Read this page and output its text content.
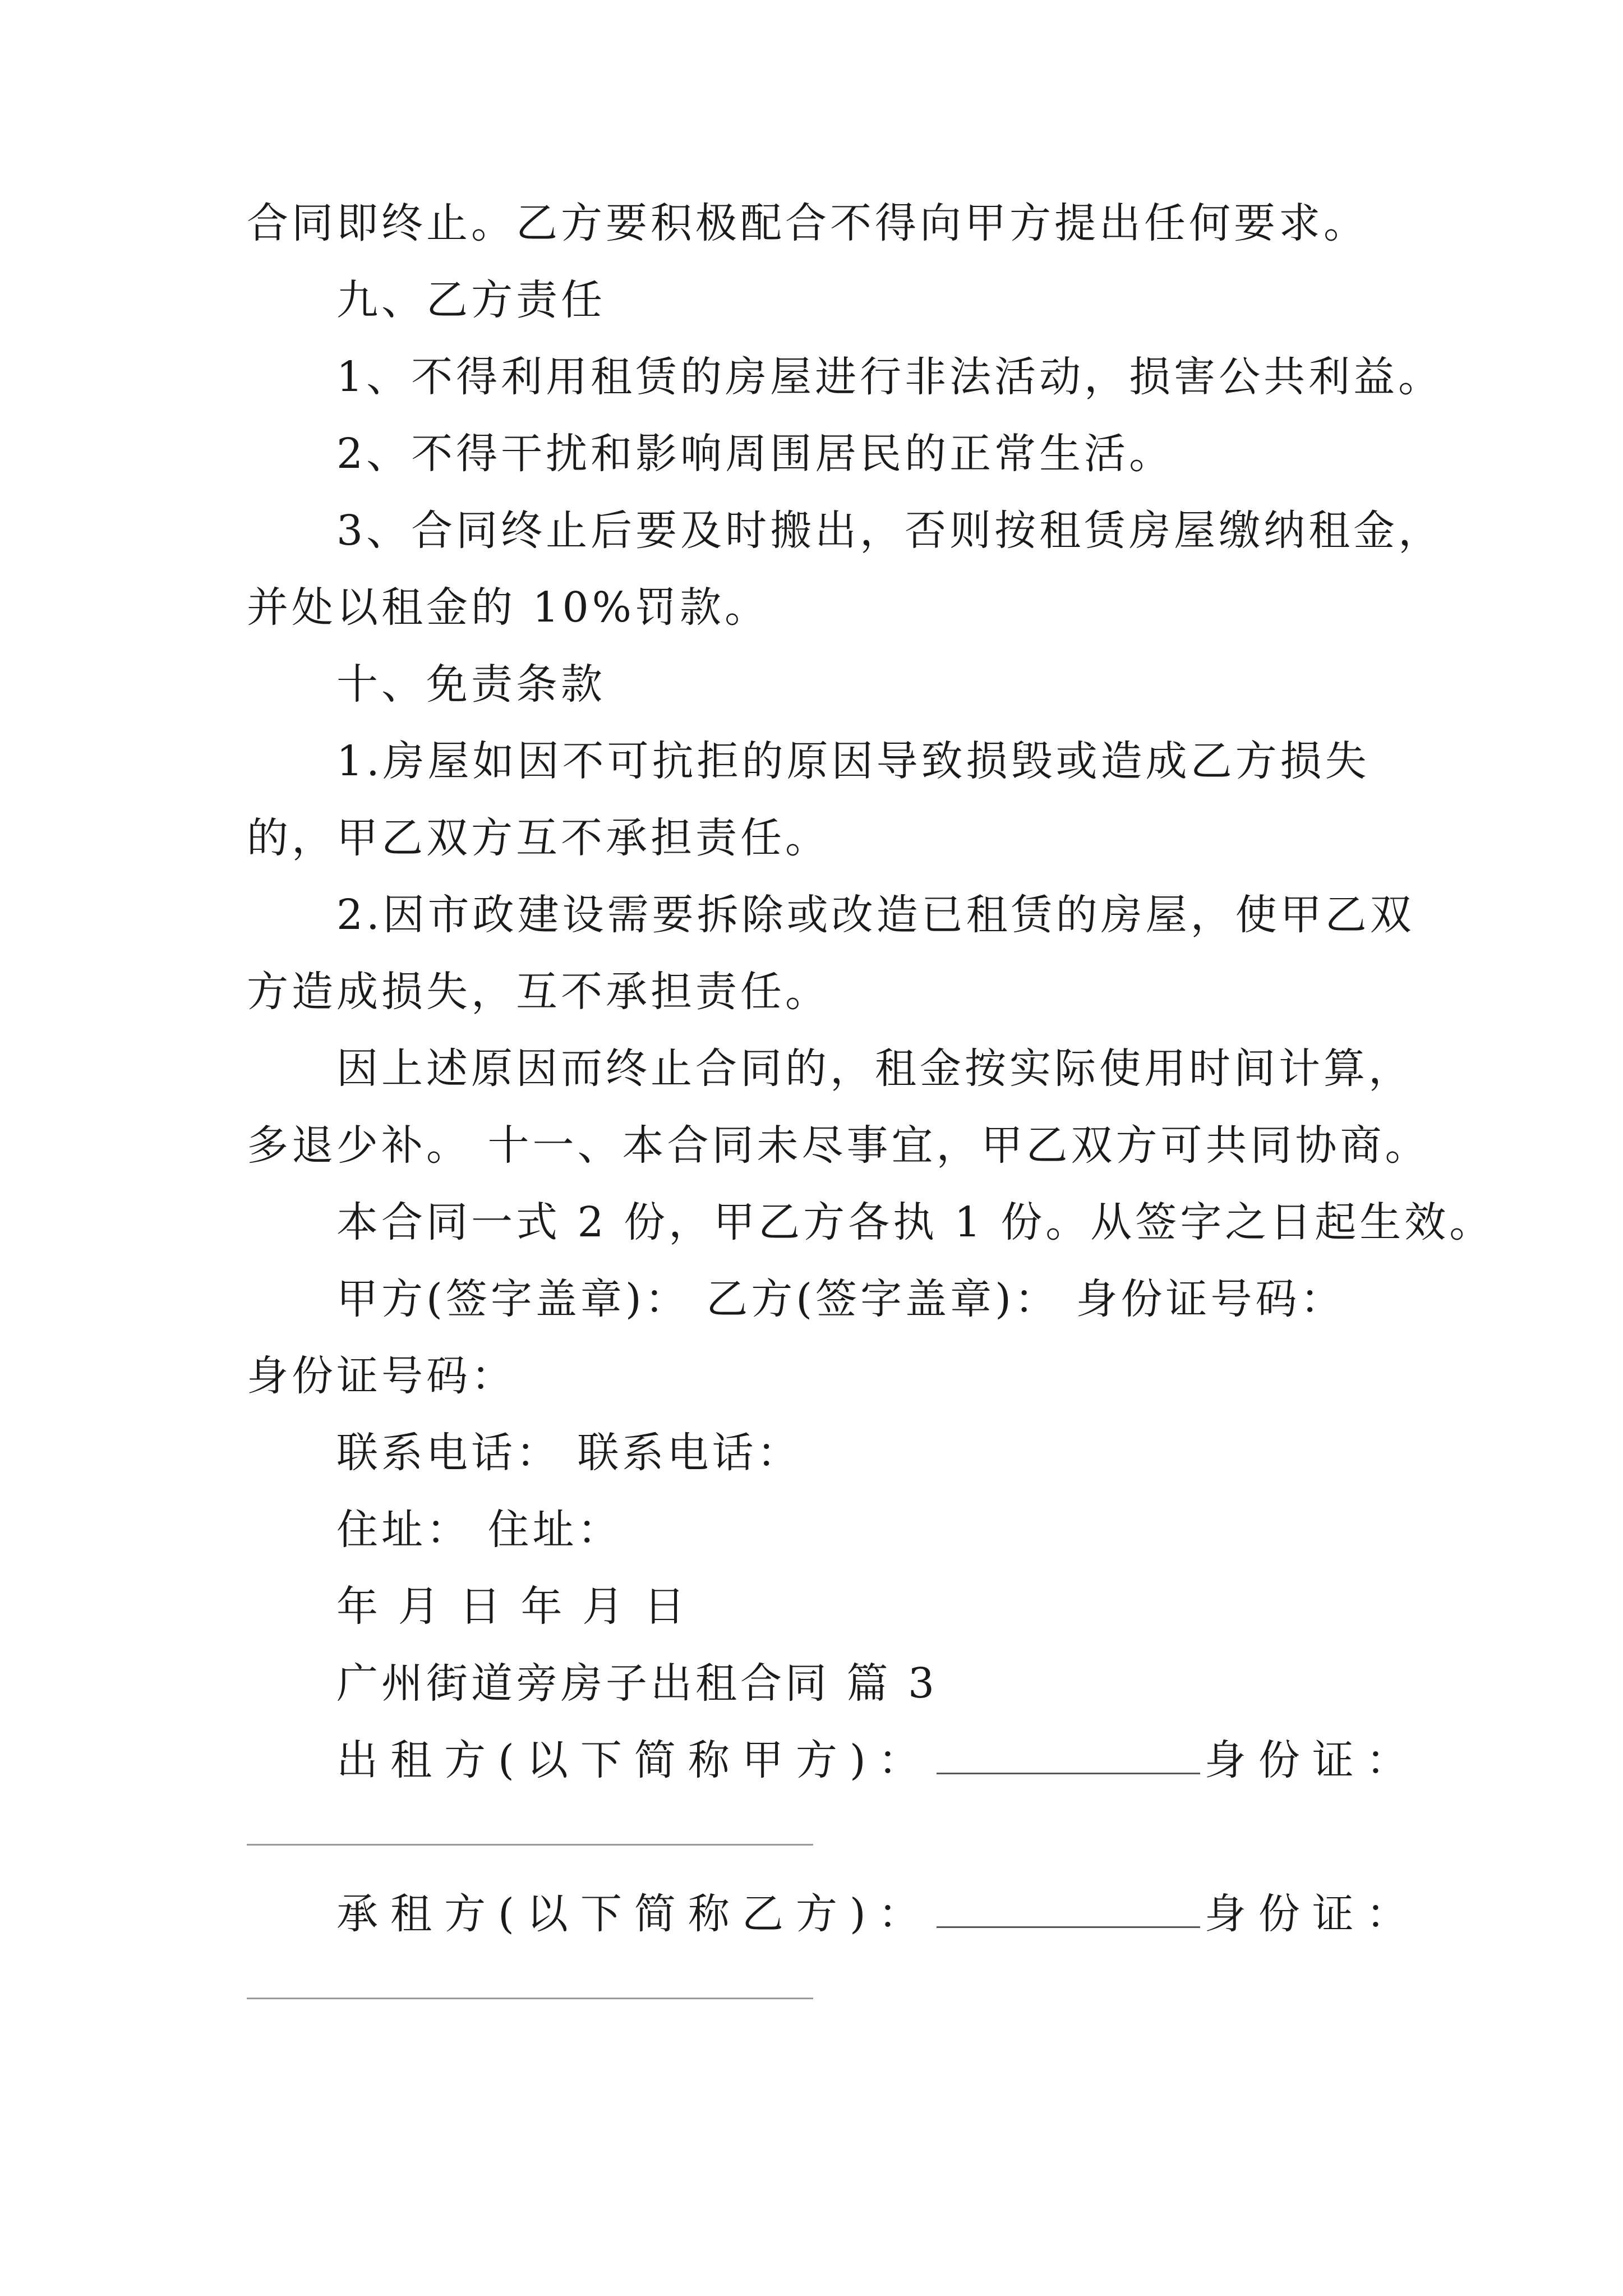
合同即终止。乙方要积极配合不得向甲方提出任何要求。
九、乙方责任
1、不得利用租赁的房屋进行非法活动，损害公共利益。
2、不得干扰和影响周围居民的正常生活。
3、合同终止后要及时搬出，否则按租赁房屋缴纳租金，
并处以租金的 10%罚款。
十、免责条款
1.房屋如因不可抗拒的原因导致损毁或造成乙方损失
的，甲乙双方互不承担责任。
2.因市政建设需要拆除或改造已租赁的房屋，使甲乙双
方造成损失，互不承担责任。
因上述原因而终止合同的，租金按实际使用时间计算，
多退少补。 十一、本合同未尽事宜，甲乙双方可共同协商。
本合同一式 2 份，甲乙方各执 1 份。从签字之日起生效。
甲方(签字盖章)： 乙方(签字盖章)： 身份证号码：
身份证号码：
联系电话： 联系电话：
住址： 住址：
年 月 日 年 月 日
广州街道旁房子出租合同 篇 3
出租方(以下简称甲方)：	身份证：
承租方(以下简称乙方)：	身份证：
